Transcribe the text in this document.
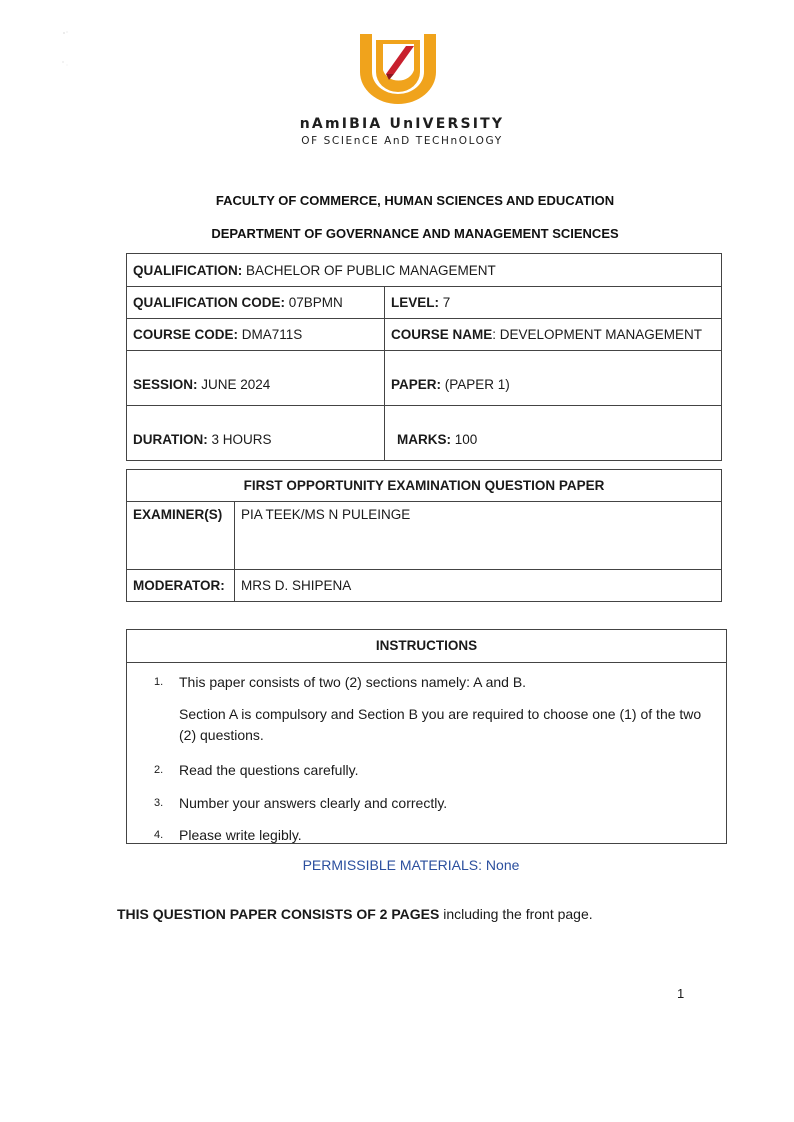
nAmIBIA UnIVERSITY
OF SCIEnCE AnD TECHnOLOGY
FACULTY OF COMMERCE, HUMAN SCIENCES AND EDUCATION
DEPARTMENT OF GOVERNANCE AND MANAGEMENT SCIENCES
QUALIFICATION: BACHELOR OF PUBLIC MANAGEMENT	
QUALIFICATION CODE: 07BPMN	LEVEL: 7
COURSE CODE: DMA711S	COURSE NAME: DEVELOPMENT MANAGEMENT
SESSION: JUNE 2024	PAPER: (PAPER 1)
DURATION: 3 HOURS	MARKS: 100
FIRST OPPORTUNITY EXAMINATION QUESTION PAPER	
EXAMINER(S)	PIA TEEK/MS N PULEINGE
MODERATOR:	MRS D. SHIPENA
INSTRUCTIONS
1. This paper consists of two (2) sections namely: A and B.
Section A is compulsory and Section B you are required to choose one (1) of the two (2) questions.
2. Read the questions carefully.
3. Number your answers clearly and correctly.
4. Please write legibly.
PERMISSIBLE MATERIALS: None
THIS QUESTION PAPER CONSISTS OF 2 PAGES including the front page.
1
